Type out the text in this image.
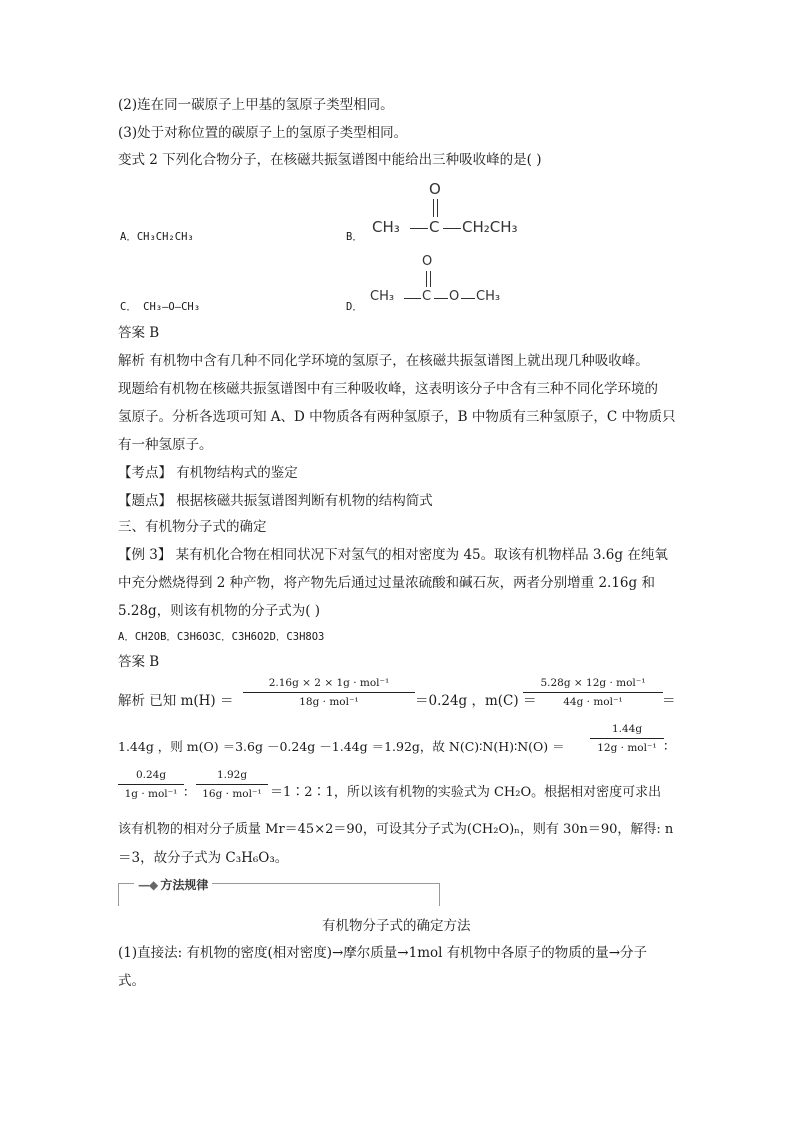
(2)连在同一碳原子上甲基的氢原子类型相同。
(3)处于对称位置的碳原子上的氢原子类型相同。
变式 2 下列化合物分子，在核磁共振氢谱图中能给出三种吸收峰的是( )
A．CH₃CH₂CH₃	B．
O
CH₃ C CH₂CH₃
C． CH₃—O—CH₃	D．
O
CH₃ C O CH₃
答案 B
解析 有机物中含有几种不同化学环境的氢原子，在核磁共振氢谱图上就出现几种吸收峰。
现题给有机物在核磁共振氢谱图中有三种吸收峰，这表明该分子中含有三种不同化学环境的
氢原子。分析各选项可知 A、D 中物质各有两种氢原子，B 中物质有三种氢原子，C 中物质只
有一种氢原子。
【考点】 有机物结构式的鉴定
【题点】 根据核磁共振氢谱图判断有机物的结构简式
三、有机物分子式的确定
【例 3】 某有机化合物在相同状况下对氢气的相对密度为 45。取该有机物样品 3.6g 在纯氧
中充分燃烧得到 2 种产物，将产物先后通过过量浓硫酸和碱石灰，两者分别增重 2.16g 和
5.28g，则该有机物的分子式为( )
A．CH2OB．C3H6O3C．C3H6O2D．C3H8O3
答案 B
解析 已知 m(H) ＝
2.16g × 2 × 1g · mol⁻¹
18g · mol⁻¹	＝0.24g ，m(C) ＝
5.28g × 12g · mol⁻¹
44g · mol⁻¹	＝
1.44g ，则 m(O) ＝3.6g －0.24g －1.44g ＝1.92g，故 N(C)∶N(H)∶N(O) ＝
1.44g
12g · mol⁻¹ ∶
0.24g
1g · mol⁻¹ ∶
1.92g
16g · mol⁻¹ ＝1∶2∶1，所以该有机物的实验式为 CH₂O。根据相对密度可求出
该有机物的相对分子质量 Mr＝45×2＝90，可设其分子式为(CH₂O)ₙ，则有 30n＝90，解得: n
＝3，故分子式为 C₃H₆O₃。
—◆ 方法规律
有机物分子式的确定方法
(1)直接法: 有机物的密度(相对密度)→摩尔质量→1mol 有机物中各原子的物质的量→分子
式。
